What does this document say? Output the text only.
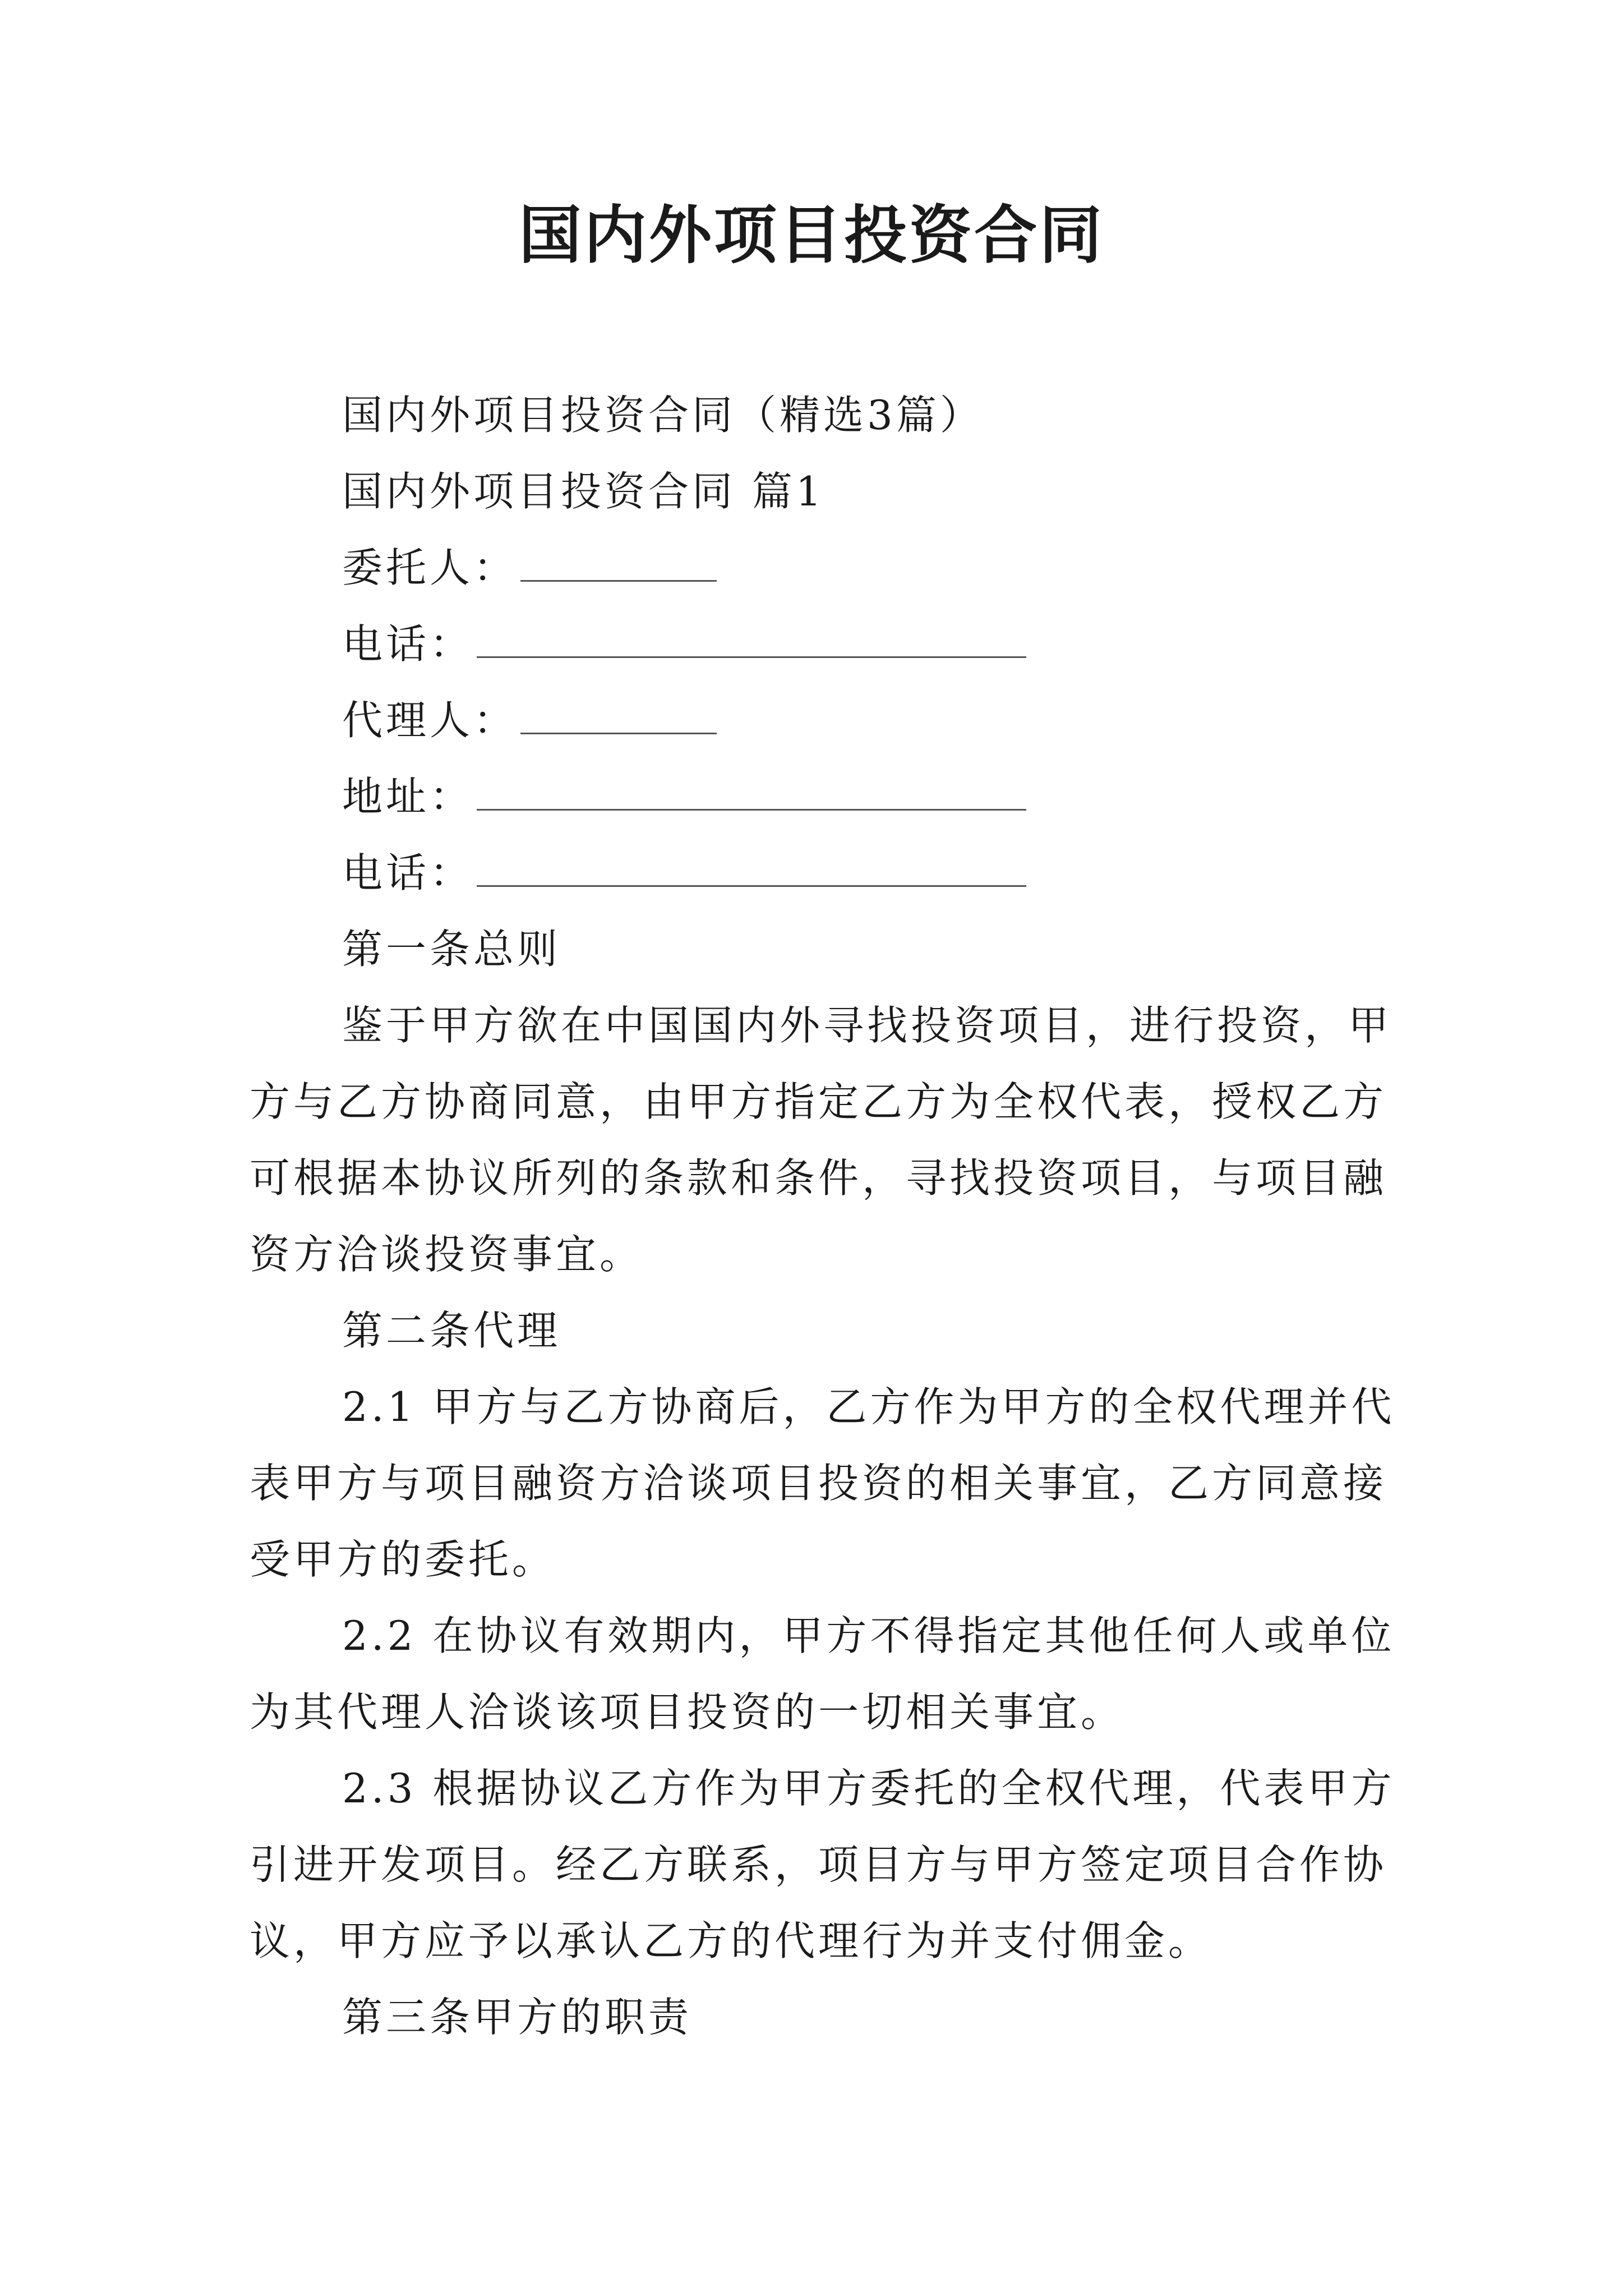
国内外项目投资合同
国内外项目投资合同（精选3篇）
国内外项目投资合同 篇1
委托人：
电话：
代理人：
地址：
电话：
第一条总则
鉴于甲方欲在中国国内外寻找投资项目，进行投资，甲
方与乙方协商同意，由甲方指定乙方为全权代表，授权乙方
可根据本协议所列的条款和条件，寻找投资项目，与项目融
资方洽谈投资事宜。
第二条代理
2.1 甲方与乙方协商后，乙方作为甲方的全权代理并代
表甲方与项目融资方洽谈项目投资的相关事宜，乙方同意接
受甲方的委托。
2.2 在协议有效期内，甲方不得指定其他任何人或单位
为其代理人洽谈该项目投资的一切相关事宜。
2.3 根据协议乙方作为甲方委托的全权代理，代表甲方
引进开发项目。经乙方联系，项目方与甲方签定项目合作协
议，甲方应予以承认乙方的代理行为并支付佣金。
第三条甲方的职责
